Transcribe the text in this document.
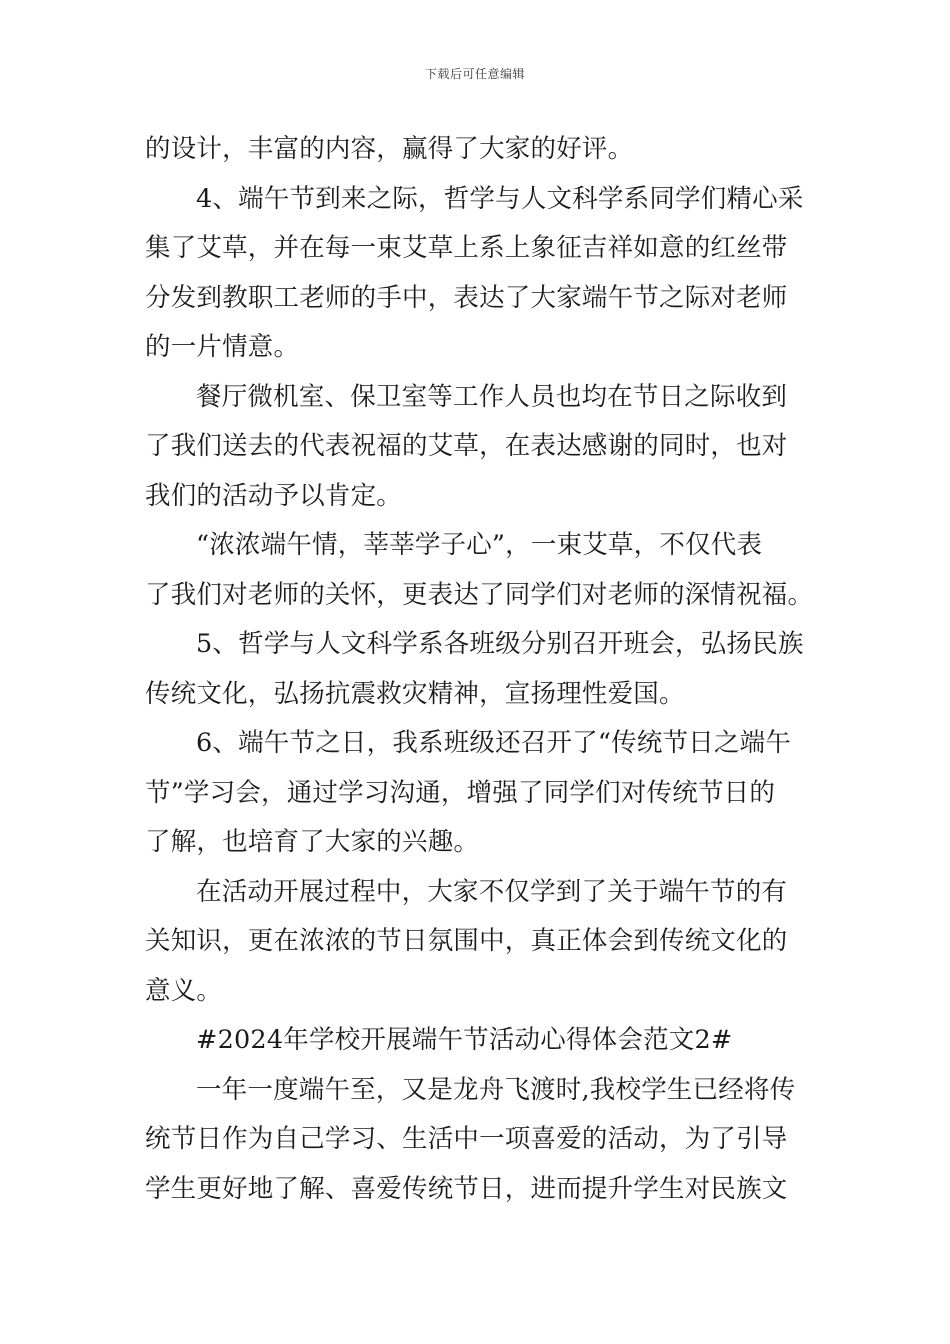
下载后可任意编辑
的设计，丰富的内容，赢得了大家的好评。
4、端午节到来之际，哲学与人文科学系同学们精心采
集了艾草，并在每一束艾草上系上象征吉祥如意的红丝带
分发到教职工老师的手中，表达了大家端午节之际对老师
的一片情意。
餐厅微机室、保卫室等工作人员也均在节日之际收到
了我们送去的代表祝福的艾草，在表达感谢的同时，也对
我们的活动予以肯定。
“浓浓端午情，莘莘学子心”，一束艾草，不仅代表
了我们对老师的关怀，更表达了同学们对老师的深情祝福。
5、哲学与人文科学系各班级分别召开班会，弘扬民族
传统文化，弘扬抗震救灾精神，宣扬理性爱国。
6、端午节之日，我系班级还召开了“传统节日之端午
节”学习会，通过学习沟通，增强了同学们对传统节日的
了解，也培育了大家的兴趣。
在活动开展过程中，大家不仅学到了关于端午节的有
关知识，更在浓浓的节日氛围中，真正体会到传统文化的
意义。
#2024年学校开展端午节活动心得体会范文2#
一年一度端午至，又是龙舟飞渡时,我校学生已经将传
统节日作为自己学习、生活中一项喜爱的活动，为了引导
学生更好地了解、喜爱传统节日，进而提升学生对民族文
